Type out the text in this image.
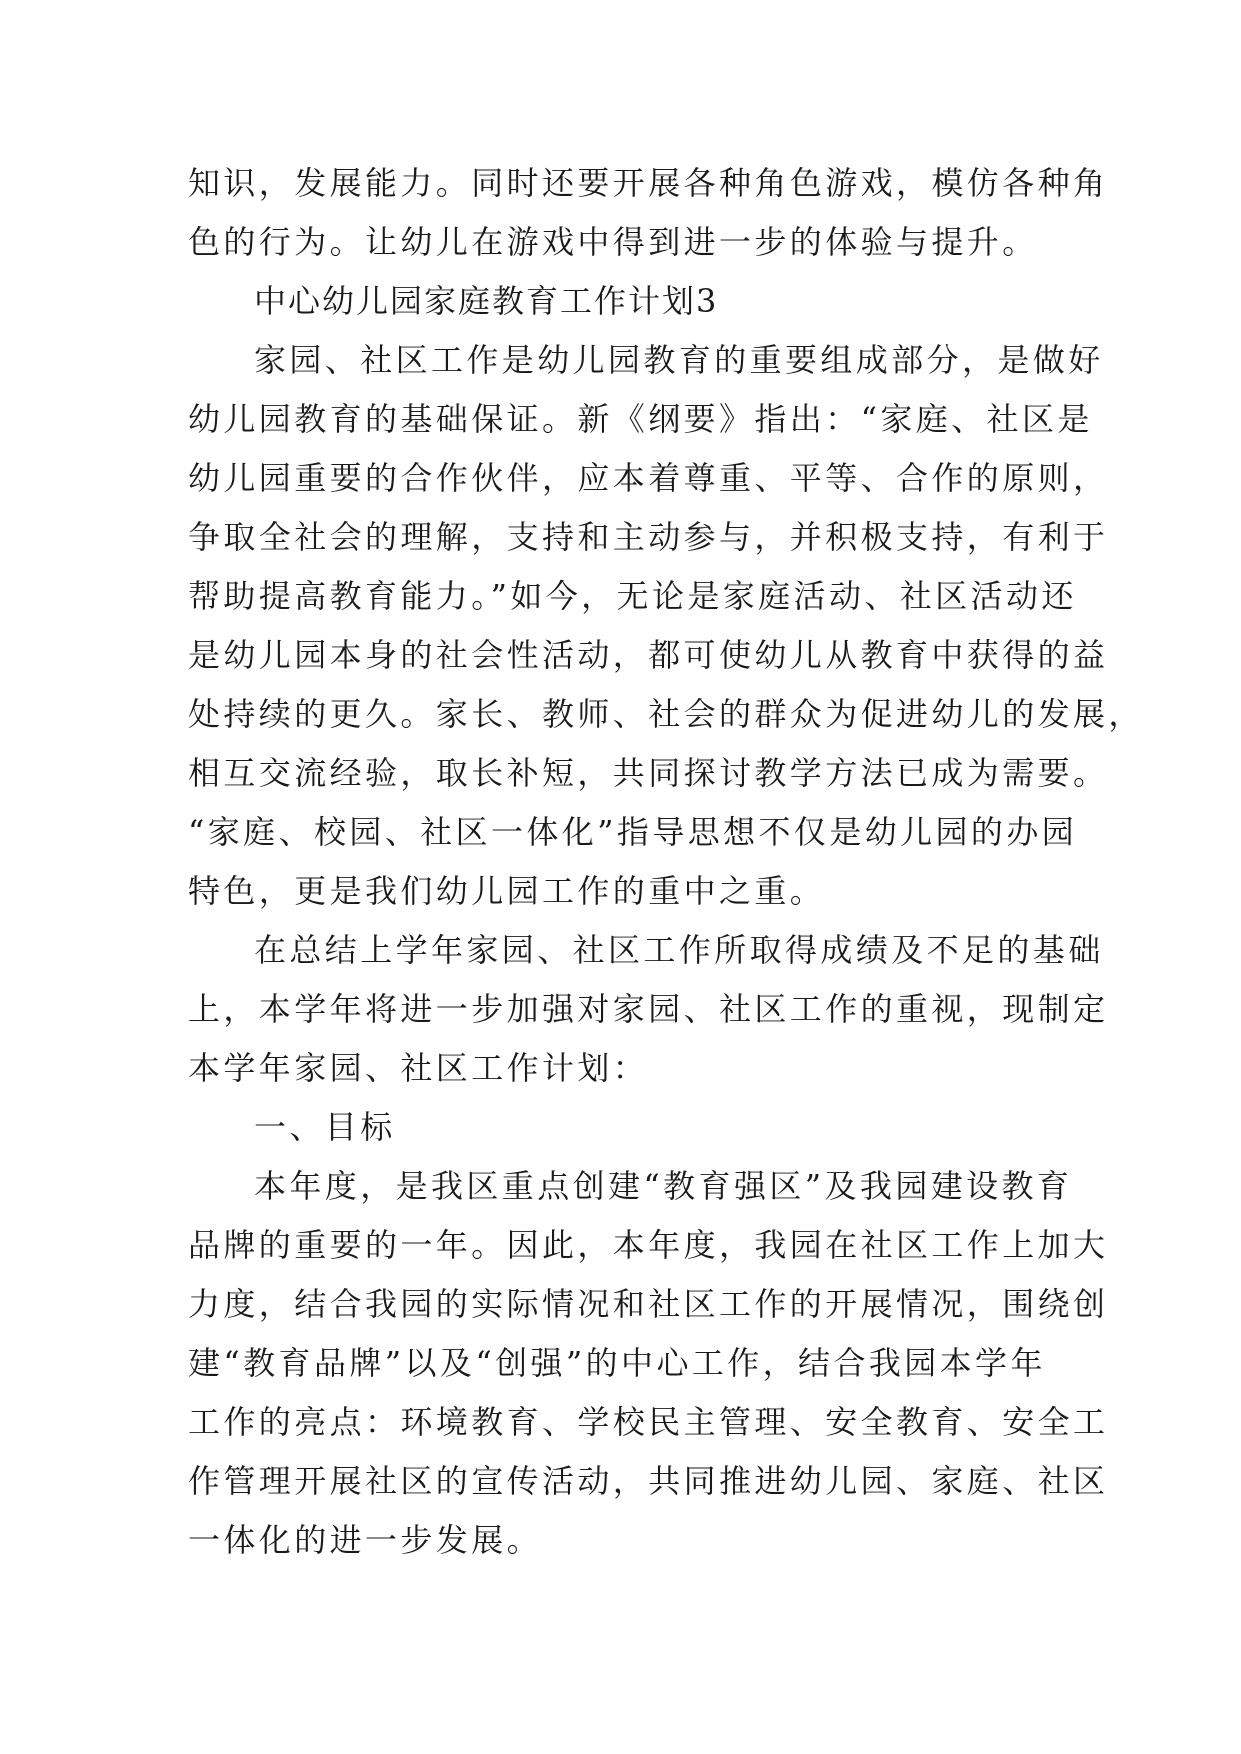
知识，发展能力。同时还要开展各种角色游戏，模仿各种角
色的行为。让幼儿在游戏中得到进一步的体验与提升。
中心幼儿园家庭教育工作计划3
家园、社区工作是幼儿园教育的重要组成部分，是做好
幼儿园教育的基础保证。新《纲要》指出：“家庭、社区是
幼儿园重要的合作伙伴，应本着尊重、平等、合作的原则，
争取全社会的理解，支持和主动参与，并积极支持，有利于
帮助提高教育能力。”如今，无论是家庭活动、社区活动还
是幼儿园本身的社会性活动，都可使幼儿从教育中获得的益
处持续的更久。家长、教师、社会的群众为促进幼儿的发展，
相互交流经验，取长补短，共同探讨教学方法已成为需要。
“家庭、校园、社区一体化”指导思想不仅是幼儿园的办园
特色，更是我们幼儿园工作的重中之重。
在总结上学年家园、社区工作所取得成绩及不足的基础
上，本学年将进一步加强对家园、社区工作的重视，现制定
本学年家园、社区工作计划：
一、目标
本年度，是我区重点创建“教育强区”及我园建设教育
品牌的重要的一年。因此，本年度，我园在社区工作上加大
力度，结合我园的实际情况和社区工作的开展情况，围绕创
建“教育品牌”以及“创强”的中心工作，结合我园本学年
工作的亮点：环境教育、学校民主管理、安全教育、安全工
作管理开展社区的宣传活动，共同推进幼儿园、家庭、社区
一体化的进一步发展。
